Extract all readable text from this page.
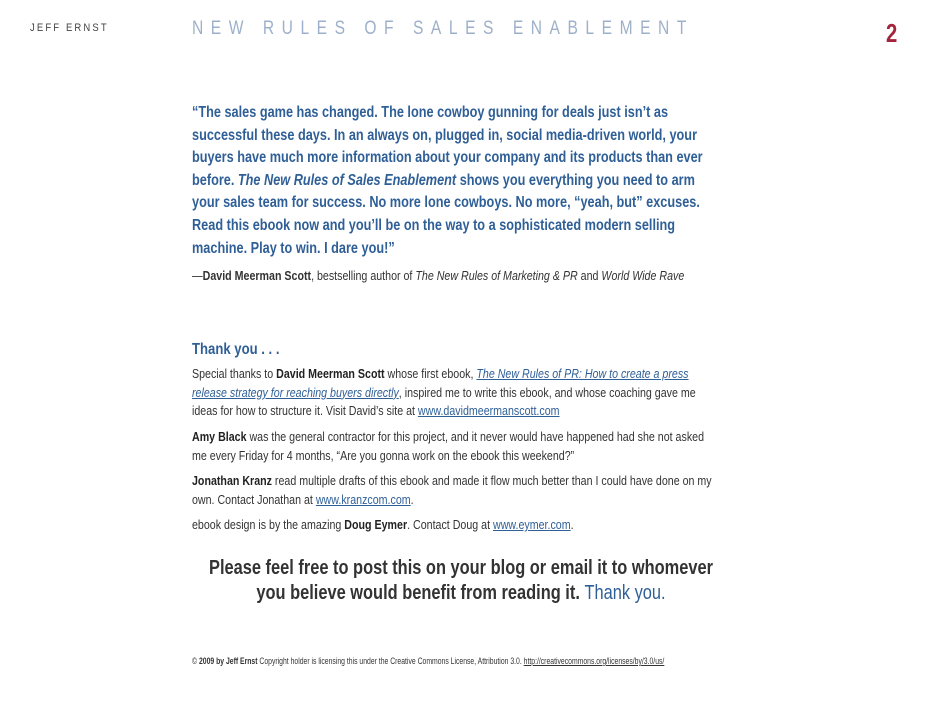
JEFF ERNST	NEW RULES OF SALES ENABLEMENT	2

“The sales game has changed. The lone cowboy gunning for deals just isn’t as successful these days. In an always on, plugged in, social media-driven world, your buyers have much more information about your company and its products than ever before. The New Rules of Sales Enablement shows you everything you need to arm your sales team for success. No more lone cowboys. No more, “yeah, but” excuses. Read this ebook now and you’ll be on the way to a sophisticated modern selling machine. Play to win. I dare you!”

—David Meerman Scott, bestselling author of The New Rules of Marketing & PR and World Wide Rave

Thank you . . .

Special thanks to David Meerman Scott whose first ebook, The New Rules of PR: How to create a press release strategy for reaching buyers directly, inspired me to write this ebook, and whose coaching gave me ideas for how to structure it. Visit David’s site at www.davidmeermanscott.com

Amy Black was the general contractor for this project, and it never would have happened had she not asked me every Friday for 4 months, “Are you gonna work on the ebook this weekend?”

Jonathan Kranz read multiple drafts of this ebook and made it flow much better than I could have done on my own. Contact Jonathan at www.kranzcom.com.

ebook design is by the amazing Doug Eymer. Contact Doug at www.eymer.com.

Please feel free to post this on your blog or email it to whomever
you believe would benefit from reading it. Thank you.
© 2009 by Jeff Ernst Copyright holder is licensing this under the Creative Commons License, Attribution 3.0. http://creativecommons.org/licenses/by/3.0/us/
